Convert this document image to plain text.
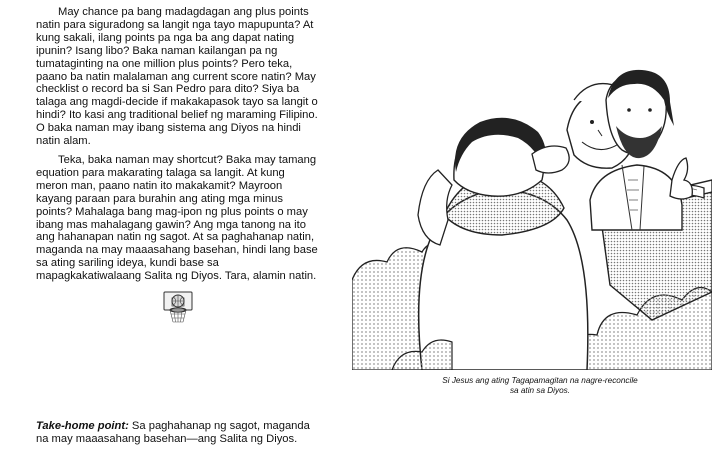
May chance pa bang madagdagan ang plus points natin para siguradong sa langit nga tayo mapupunta? At kung sakali, ilang points pa nga ba ang dapat nating ipunin? Isang libo? Baka naman kailangan pa ng tumataginting na one million plus points? Pero teka, paano ba natin malalaman ang current score natin? May checklist o record ba si San Pedro para dito? Siya ba talaga ang magdi-decide if makakapasok tayo sa langit o hindi? Ito kasi ang traditional belief ng maraming Filipino. O baka naman may ibang sistema ang Diyos na hindi natin alam.

Teka, baka naman may shortcut? Baka may tamang equation para makarating talaga sa langit. At kung meron man, paano natin ito makakamit? Mayroon kayang paraan para burahin ang ating mga minus points? Mahalaga bang mag-ipon ng plus points o may ibang mas mahalagang gawin? Ang mga tanong na ito ang hahanapan natin ng sagot. At sa paghahanap natin, maganda na may maaasahang basehan, hindi lang base sa ating sariling ideya, kundi base sa mapagkakatiwalaang Salita ng Diyos. Tara, alamin natin.

Take-home point: Sa paghahanap ng sagot, maganda na may maaasahang basehan—ang Salita ng Diyos.

Si Jesus ang ating Tagapamagitan na nagre-reconcile sa atin sa Diyos.
